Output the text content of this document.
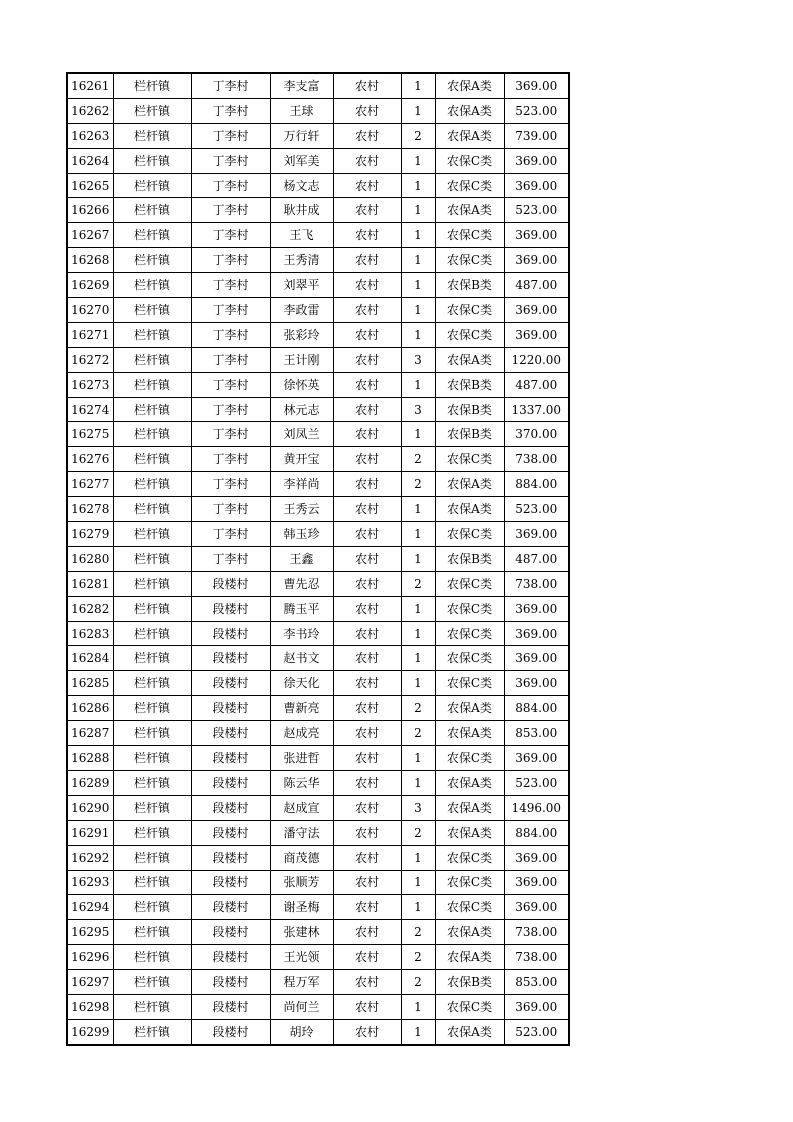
16261	栏杆镇	丁李村	李支富	农村	1	农保A类	369.00
16262	栏杆镇	丁李村	王球	农村	1	农保A类	523.00
16263	栏杆镇	丁李村	万行轩	农村	2	农保A类	739.00
16264	栏杆镇	丁李村	刘军美	农村	1	农保C类	369.00
16265	栏杆镇	丁李村	杨文志	农村	1	农保C类	369.00
16266	栏杆镇	丁李村	耿井成	农村	1	农保A类	523.00
16267	栏杆镇	丁李村	王飞	农村	1	农保C类	369.00
16268	栏杆镇	丁李村	王秀清	农村	1	农保C类	369.00
16269	栏杆镇	丁李村	刘翠平	农村	1	农保B类	487.00
16270	栏杆镇	丁李村	李政雷	农村	1	农保C类	369.00
16271	栏杆镇	丁李村	张彩玲	农村	1	农保C类	369.00
16272	栏杆镇	丁李村	王计刚	农村	3	农保A类	1220.00
16273	栏杆镇	丁李村	徐怀英	农村	1	农保B类	487.00
16274	栏杆镇	丁李村	林元志	农村	3	农保B类	1337.00
16275	栏杆镇	丁李村	刘凤兰	农村	1	农保B类	370.00
16276	栏杆镇	丁李村	黄开宝	农村	2	农保C类	738.00
16277	栏杆镇	丁李村	李祥尚	农村	2	农保A类	884.00
16278	栏杆镇	丁李村	王秀云	农村	1	农保A类	523.00
16279	栏杆镇	丁李村	韩玉珍	农村	1	农保C类	369.00
16280	栏杆镇	丁李村	王鑫	农村	1	农保B类	487.00
16281	栏杆镇	段楼村	曹先忍	农村	2	农保C类	738.00
16282	栏杆镇	段楼村	腾玉平	农村	1	农保C类	369.00
16283	栏杆镇	段楼村	李书玲	农村	1	农保C类	369.00
16284	栏杆镇	段楼村	赵书文	农村	1	农保C类	369.00
16285	栏杆镇	段楼村	徐天化	农村	1	农保C类	369.00
16286	栏杆镇	段楼村	曹新亮	农村	2	农保A类	884.00
16287	栏杆镇	段楼村	赵成亮	农村	2	农保A类	853.00
16288	栏杆镇	段楼村	张进哲	农村	1	农保C类	369.00
16289	栏杆镇	段楼村	陈云华	农村	1	农保A类	523.00
16290	栏杆镇	段楼村	赵成宣	农村	3	农保A类	1496.00
16291	栏杆镇	段楼村	潘守法	农村	2	农保A类	884.00
16292	栏杆镇	段楼村	商茂德	农村	1	农保C类	369.00
16293	栏杆镇	段楼村	张顺芳	农村	1	农保C类	369.00
16294	栏杆镇	段楼村	谢圣梅	农村	1	农保C类	369.00
16295	栏杆镇	段楼村	张建林	农村	2	农保A类	738.00
16296	栏杆镇	段楼村	王光领	农村	2	农保A类	738.00
16297	栏杆镇	段楼村	程万军	农村	2	农保B类	853.00
16298	栏杆镇	段楼村	尚何兰	农村	1	农保C类	369.00
16299	栏杆镇	段楼村	胡玲	农村	1	农保A类	523.00
